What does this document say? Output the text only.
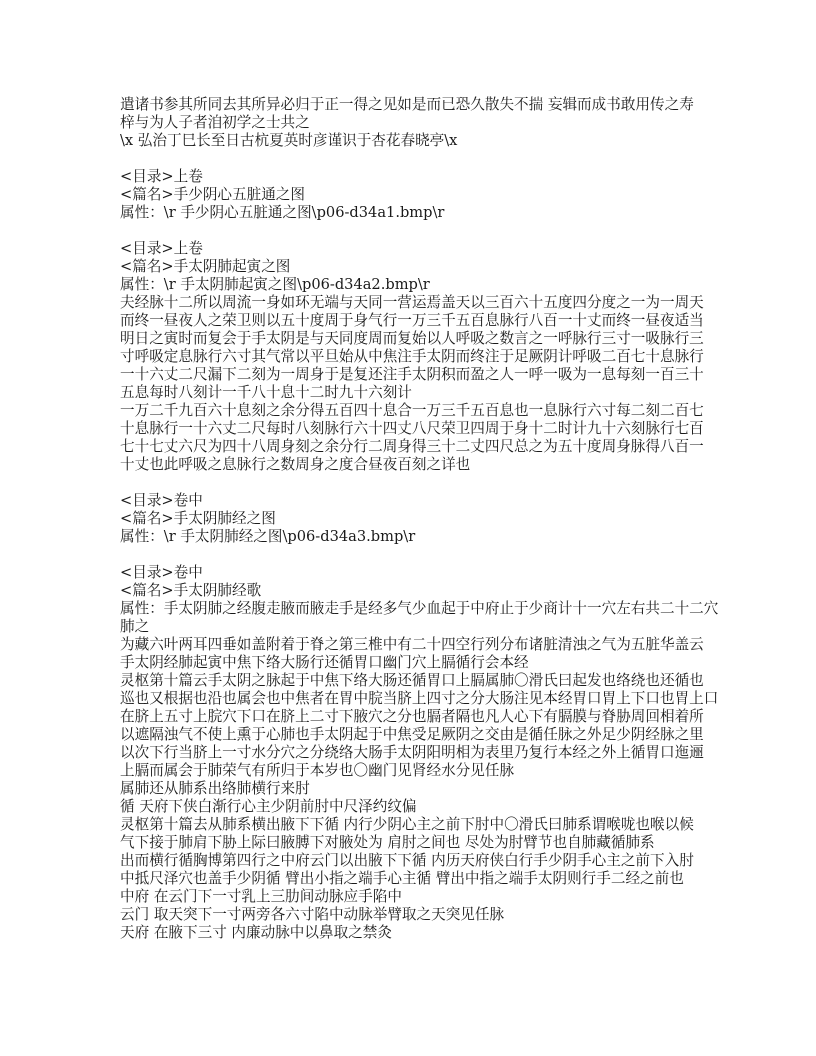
遣诸书参其所同去其所异必归于正一得之见如是而已恐久散失不揣 妄辑而成书敢用传之寿
梓与为人子者洎初学之士共之
\x 弘治丁巳长至日古杭夏英时彦谨识于杏花春晓亭\x
<目录>上卷
<篇名>手少阴心五脏通之图
属性：\r 手少阴心五脏通之图\p06-d34a1.bmp\r
<目录>上卷
<篇名>手太阴肺起寅之图
属性：\r 手太阴肺起寅之图\p06-d34a2.bmp\r
夫经脉十二所以周流一身如环无端与天同一营运焉盖天以三百六十五度四分度之一为一周天
而终一昼夜人之荣卫则以五十度周于身气行一万三千五百息脉行八百一十丈而终一昼夜适当
明日之寅时而复会于手太阴是与天同度周而复始以人呼吸之数言之一呼脉行三寸一吸脉行三
寸呼吸定息脉行六寸其气常以平旦始从中焦注手太阴而终注于足厥阴计呼吸二百七十息脉行
一十六丈二尺漏下二刻为一周身于是复还注手太阴积而盈之人一呼一吸为一息每刻一百三十
五息每时八刻计一千八十息十二时九十六刻计
一万二千九百六十息刻之余分得五百四十息合一万三千五百息也一息脉行六寸每二刻二百七
十息脉行一十六丈二尺每时八刻脉行六十四丈八尺荣卫四周于身十二时计九十六刻脉行七百
七十七丈六尺为四十八周身刻之余分行二周身得三十二丈四尺总之为五十度周身脉得八百一
十丈也此呼吸之息脉行之数周身之度合昼夜百刻之详也
<目录>卷中
<篇名>手太阴肺经之图
属性：\r 手太阴肺经之图\p06-d34a3.bmp\r
<目录>卷中
<篇名>手太阴肺经歌
属性：手太阴肺之经腹走腋而腋走手是经多气少血起于中府止于少商计十一穴左右共二十二穴
肺之
为藏六叶两耳四垂如盖附着于脊之第三椎中有二十四空行列分布诸脏清浊之气为五脏华盖云
手太阴经肺起寅中焦下络大肠行还循胃口幽门穴上膈循行会本经
灵枢第十篇云手太阴之脉起于中焦下络大肠还循胃口上膈属肺〇滑氏曰起发也络绕也还循也
巡也又根据也沿也属会也中焦者在胃中脘当脐上四寸之分大肠注见本经胃口胃上下口也胃上口
在脐上五寸上脘穴下口在脐上二寸下腋穴之分也膈者隔也凡人心下有膈膜与脊胁周回相着所
以遮隔浊气不使上熏于心肺也手太阴起于中焦受足厥阴之交由是循任脉之外足少阴经脉之里
以次下行当脐上一寸水分穴之分绕络大肠手太阴阳明相为表里乃复行本经之外上循胃口迤逦
上膈而属会于肺荣气有所归于本岁也〇幽门见肾经水分见任脉
属肺还从肺系出络肺横行来肘
循 天府下侠白渐行心主少阴前肘中尺泽约纹偏
灵枢第十篇去从肺系横出腋下下循 内行少阴心主之前下肘中〇滑氏曰肺系谓喉咙也喉以候
气下接于肺肩下胁上际曰腋膊下对腋处为 肩肘之间也 尽处为肘臂节也自肺藏循肺系
出而横行循胸博第四行之中府云门以出腋下下循 内历天府侠白行手少阴手心主之前下入肘
中抵尺泽穴也盖手少阴循 臂出小指之端手心主循 臂出中指之端手太阴则行手二经之前也
中府 在云门下一寸乳上三肋间动脉应手陷中
云门 取天突下一寸两旁各六寸陷中动脉举臂取之天突见任脉
天府 在腋下三寸 内廉动脉中以鼻取之禁灸
